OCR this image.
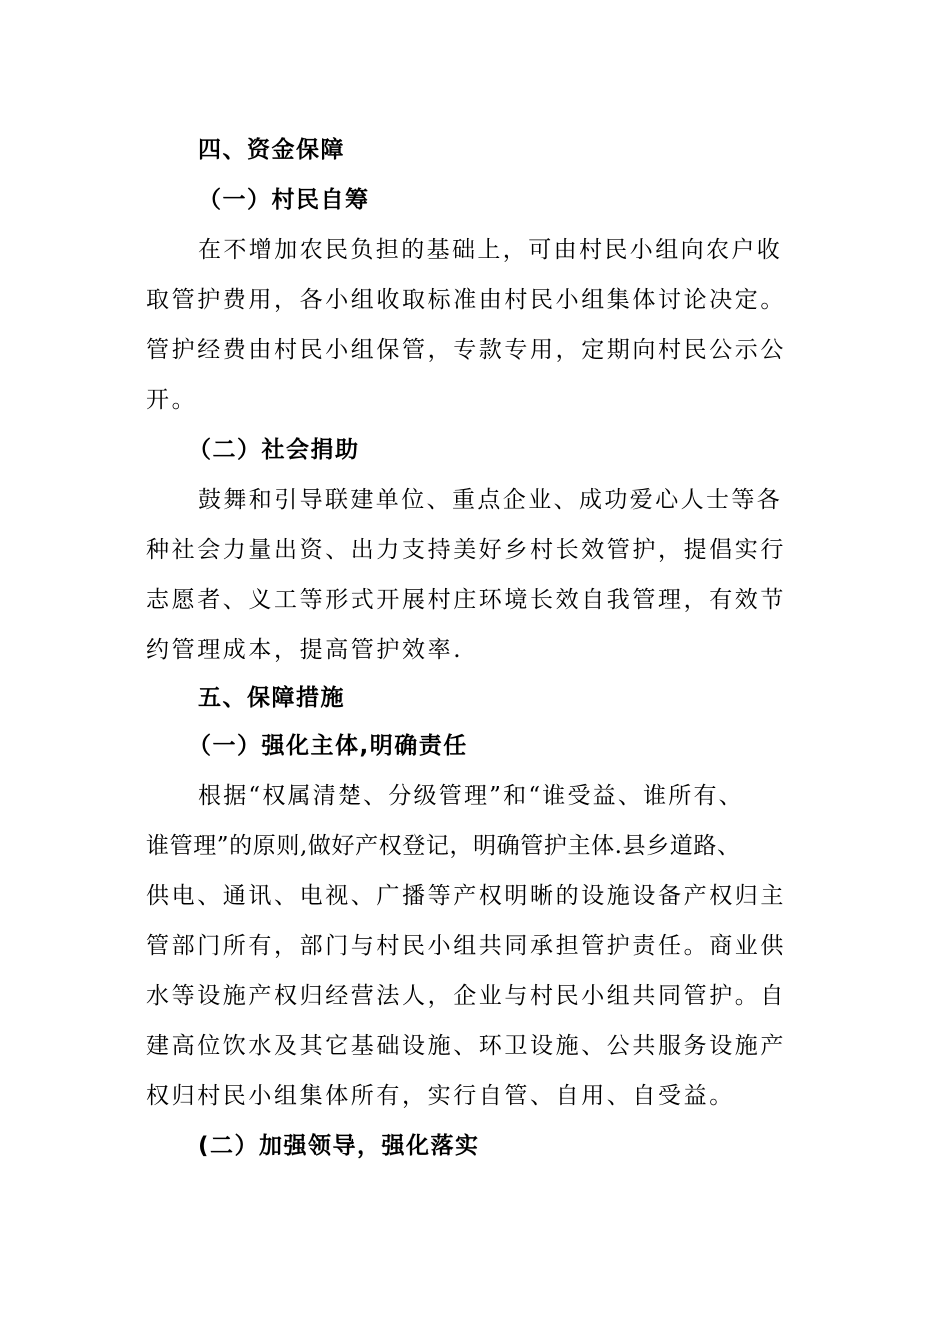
四、资金保障
（一）村民自筹
在不增加农民负担的基础上，可由村民小组向农户收
取管护费用，各小组收取标准由村民小组集体讨论决定。
管护经费由村民小组保管，专款专用，定期向村民公示公
开。
（二）社会捐助
鼓舞和引导联建单位、重点企业、成功爱心人士等各
种社会力量出资、出力支持美好乡村长效管护，提倡实行
志愿者、义工等形式开展村庄环境长效自我管理，有效节
约管理成本，提高管护效率.
五、保障措施
（一）强化主体,明确责任
根据“权属清楚、分级管理”和“谁受益、谁所有、
谁管理”的原则,做好产权登记，明确管护主体.县乡道路、
供电、通讯、电视、广播等产权明晰的设施设备产权归主
管部门所有，部门与村民小组共同承担管护责任。商业供
水等设施产权归经营法人，企业与村民小组共同管护。自
建高位饮水及其它基础设施、环卫设施、公共服务设施产
权归村民小组集体所有，实行自管、自用、自受益。
(二）加强领导，强化落实
